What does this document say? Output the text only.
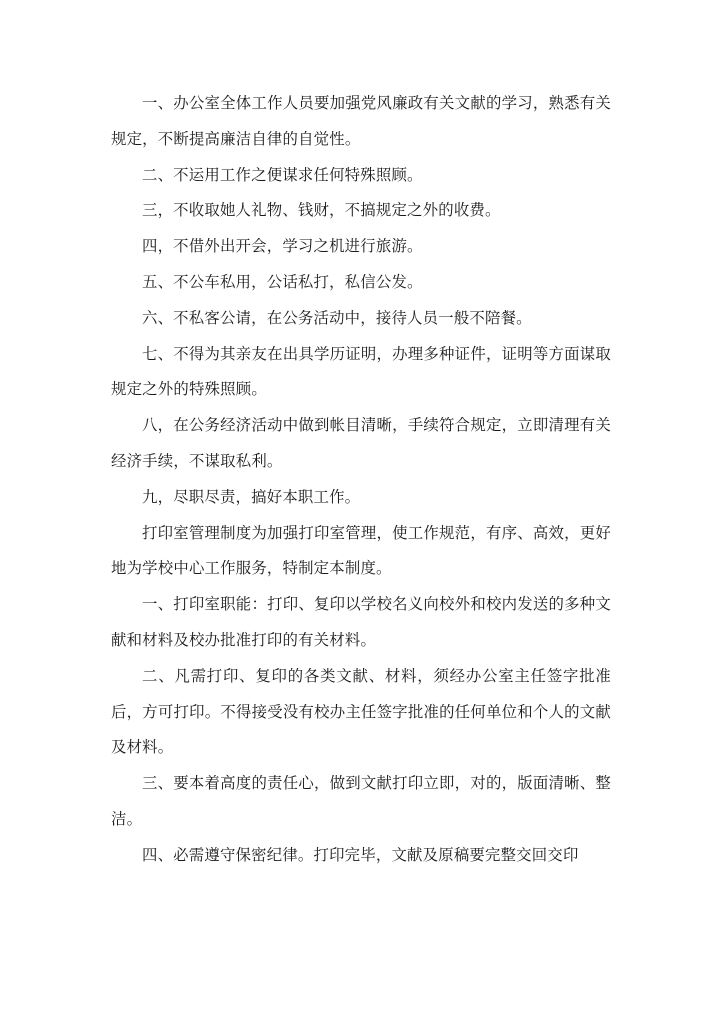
一、办公室全体工作人员要加强党风廉政有关文献的学习，熟悉有关规定，不断提高廉洁自律的自觉性。

二、不运用工作之便谋求任何特殊照顾。

三，不收取她人礼物、钱财，不搞规定之外的收费。

四，不借外出开会，学习之机进行旅游。

五、不公车私用，公话私打，私信公发。

六、不私客公请，在公务活动中，接待人员一般不陪餐。

七、不得为其亲友在出具学历证明，办理多种证件，证明等方面谋取规定之外的特殊照顾。

八，在公务经济活动中做到帐目清晰，手续符合规定，立即清理有关经济手续，不谋取私利。

九，尽职尽责，搞好本职工作。

打印室管理制度为加强打印室管理，使工作规范，有序、高效，更好地为学校中心工作服务，特制定本制度。

一、打印室职能：打印、复印以学校名义向校外和校内发送的多种文献和材料及校办批准打印的有关材料。

二、凡需打印、复印的各类文献、材料，须经办公室主任签字批准后，方可打印。不得接受没有校办主任签字批准的任何单位和个人的文献及材料。

三、要本着高度的责任心，做到文献打印立即，对的，版面清晰、整洁。

四、必需遵守保密纪律。打印完毕，文献及原稿要完整交回交印
